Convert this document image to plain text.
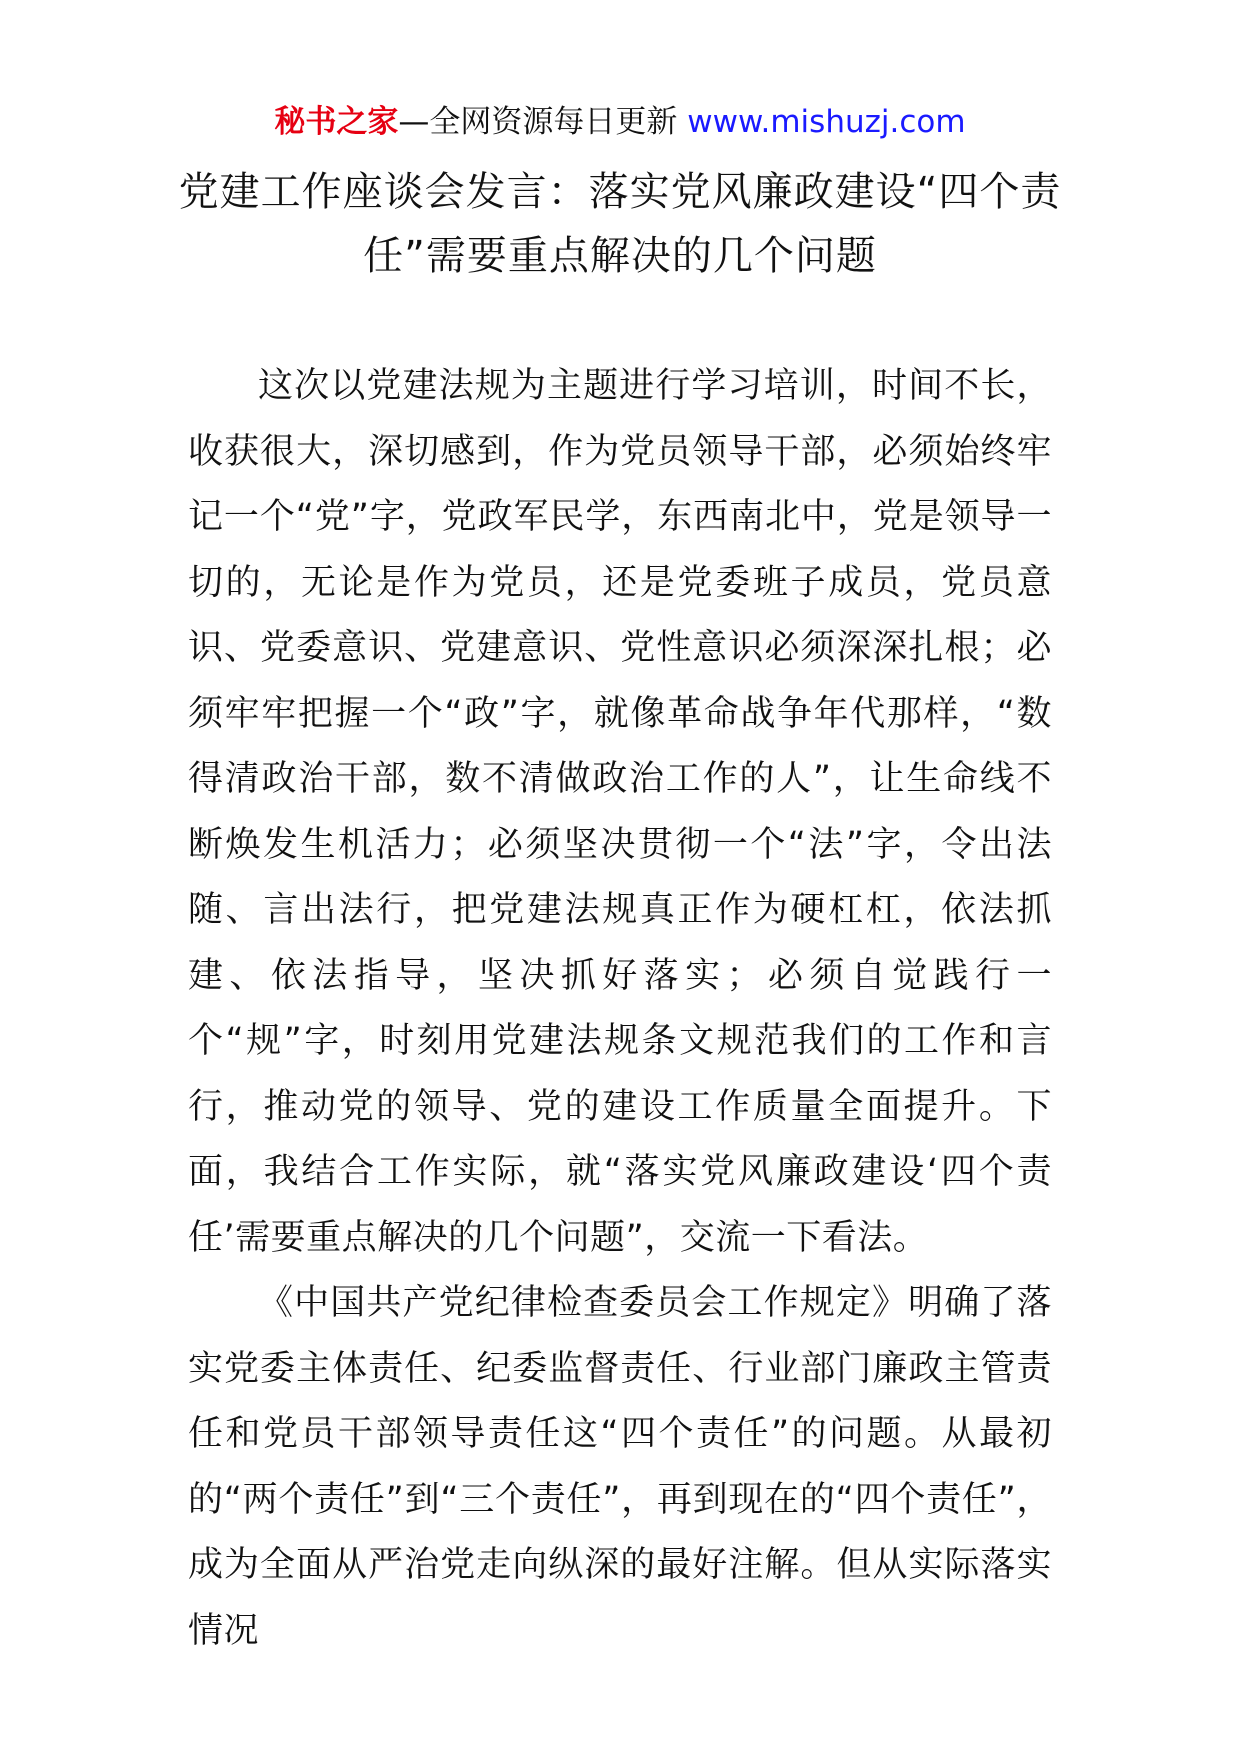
秘书之家—全网资源每日更新 www.mishuzj.com
党建工作座谈会发言：落实党风廉政建设“四个责任”需要重点解决的几个问题

这次以党建法规为主题进行学习培训，时间不长，收获很大，深切感到，作为党员领导干部，必须始终牢记一个“党”字，党政军民学，东西南北中，党是领导一切的，无论是作为党员，还是党委班子成员，党员意识、党委意识、党建意识、党性意识必须深深扎根；必须牢牢把握一个“政”字，就像革命战争年代那样，“数得清政治干部，数不清做政治工作的人”，让生命线不断焕发生机活力；必须坚决贯彻一个“法”字，令出法随、言出法行，把党建法规真正作为硬杠杠，依法抓建、依法指导，坚决抓好落实；必须自觉践行一个“规”字，时刻用党建法规条文规范我们的工作和言行，推动党的领导、党的建设工作质量全面提升。下面，我结合工作实际，就“落实党风廉政建设‘四个责任’需要重点解决的几个问题”，交流一下看法。

《中国共产党纪律检查委员会工作规定》明确了落实党委主体责任、纪委监督责任、行业部门廉政主管责任和党员干部领导责任这“四个责任”的问题。从最初的“两个责任”到“三个责任”，再到现在的“四个责任”，成为全面从严治党走向纵深的最好注解。但从实际落实情况
